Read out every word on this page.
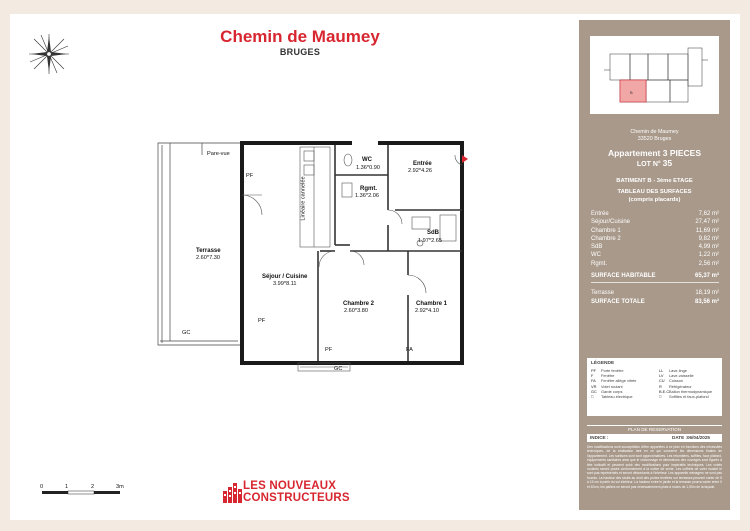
Chemin de Maumey
BRUGES
Pare-vue
PF
Linéaire cannelée
WC
1.36*0.90
Rgmt.
1.36*2.06
Entrée
2.92*4.26
SdB
1.97*2.65
Terrasse
2.60*7.30
Séjour / Cuisine
3.99*8.11
Chambre 2
2.60*3.80
Chambre 1
2.92*4.10
PF
GC
PF	FA
GC
0	1	2	3m	LES NOUVEAUX
CONSTRUCTEURS
B
Chemin de Maumey
33520 Bruges
Appartement 3 PIECES
LOT N° 35
BATIMENT B - 3ème ETAGE
TABLEAU DES SURFACES
(compris placards)
Entrée	7,62 m²
Séjour/Cuisine	27,47 m²
Chambre 1	11,69 m²
Chambre 2	9,82 m²
SdB	4,99 m²
WC	1,22 m²
Rgmt.	2,56 m²
SURFACE HABITABLE	65,37 m²
Terrasse	18,19 m²
SURFACE TOTALE	83,56 m²
LÉGENDE
PF Porte fenêtre
F Fenêtre
FA Fenêtre allège vitrée
VR Volet roulant
GC Garde corps
□ Tableau électrique
LL Lave-linge
LV Lave-vaisselle
CU Cuisson
R Réfrigérateur
B.E.C.Ballon thermodynamique
□ Soffites et faux-plafond
PLAN DE RESERVATION
INDICE :	DATE :06/04/2025
Des modifications sont susceptibles d'être apportées à ce plan en fonctions des nécessités techniques, de la réalisation tant en ce qui concerne les dimensions finales de l'appartement. Les surfaces sont sont approximatives. Les retombées, soffites, faux plafond, équipements sanitaires ainsi que le cloisonnage et dimensions des ouvrages sont figurés à titre indicatif et peuvent subir des modifications pour impératifs techniques. Les volets roulants seront posés conformément à la notice de vente. Les coffrets de volet roulant le sont pas représentés et seront débordants à l'intérieur. Les appareils ménagers ne sont pas fournis. La hauteur des seuils au droit des portes fenêtres sur terrasses peuvent varier de 5 à 15 cm à partir du sol intérieur. La hauteur entre le jardin et la terrasse pourra varier entre 0 et 40cm, les paliers ne seront pas nécessairement plats à moins de 1,50m de la façade.
